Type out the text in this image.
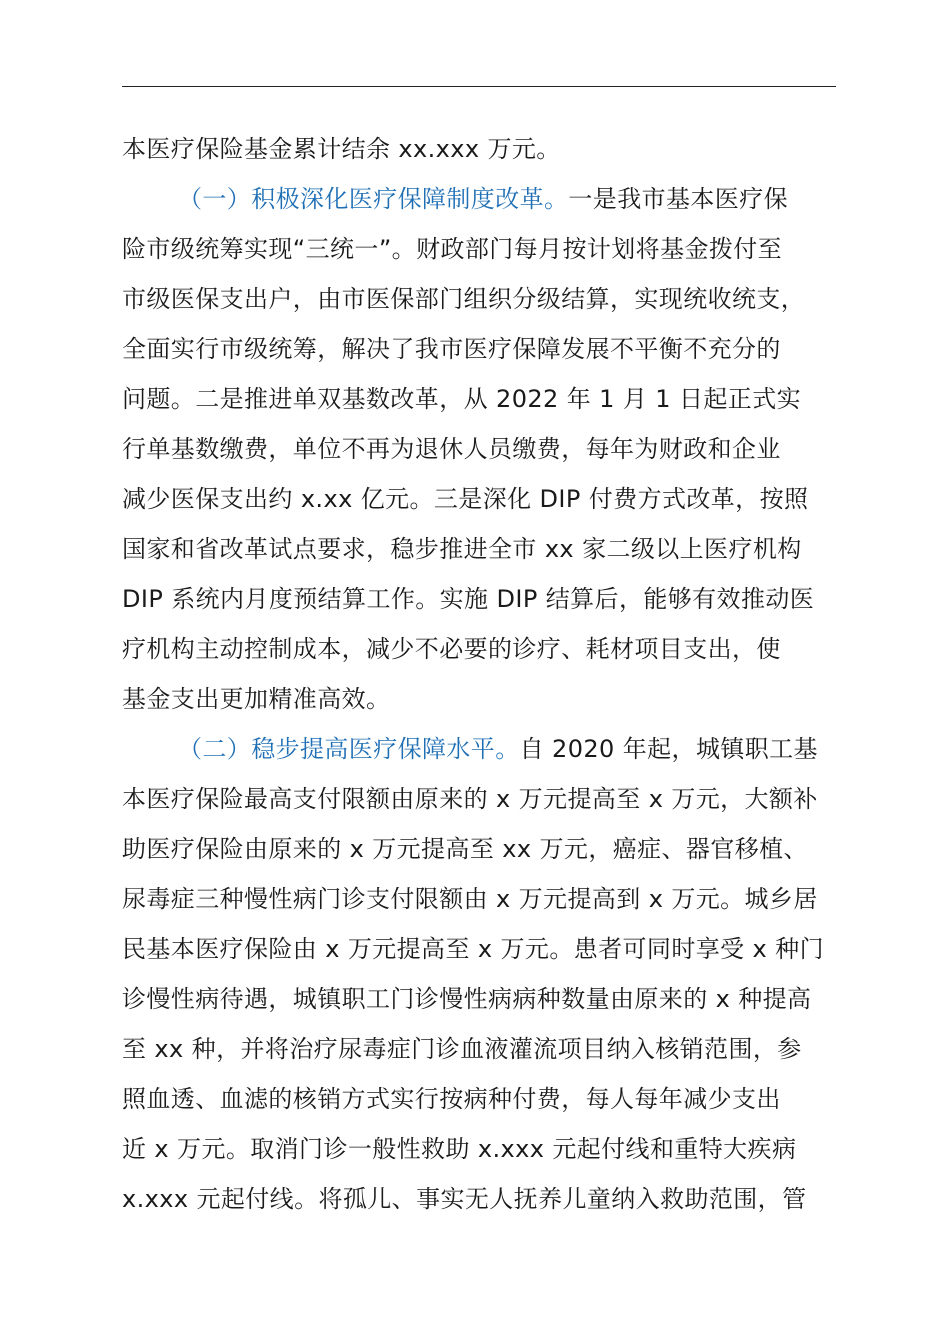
本医疗保险基金累计结余 xx.xxx 万元。
（一）积极深化医疗保障制度改革。一是我市基本医疗保
险市级统筹实现“三统一”。财政部门每月按计划将基金拨付至
市级医保支出户，由市医保部门组织分级结算，实现统收统支，
全面实行市级统筹，解决了我市医疗保障发展不平衡不充分的
问题。二是推进单双基数改革，从 2022 年 1 月 1 日起正式实
行单基数缴费，单位不再为退休人员缴费，每年为财政和企业
减少医保支出约 x.xx 亿元。三是深化 DIP 付费方式改革，按照
国家和省改革试点要求，稳步推进全市 xx 家二级以上医疗机构
DIP 系统内月度预结算工作。实施 DIP 结算后，能够有效推动医
疗机构主动控制成本，减少不必要的诊疗、耗材项目支出，使
基金支出更加精准高效。
（二）稳步提高医疗保障水平。自 2020 年起，城镇职工基
本医疗保险最高支付限额由原来的 x 万元提高至 x 万元，大额补
助医疗保险由原来的 x 万元提高至 xx 万元，癌症、器官移植、
尿毒症三种慢性病门诊支付限额由 x 万元提高到 x 万元。城乡居
民基本医疗保险由 x 万元提高至 x 万元。患者可同时享受 x 种门
诊慢性病待遇，城镇职工门诊慢性病病种数量由原来的 x 种提高
至 xx 种，并将治疗尿毒症门诊血液灌流项目纳入核销范围，参
照血透、血滤的核销方式实行按病种付费，每人每年减少支出
近 x 万元。取消门诊一般性救助 x.xxx 元起付线和重特大疾病
x.xxx 元起付线。将孤儿、事实无人抚养儿童纳入救助范围，管
